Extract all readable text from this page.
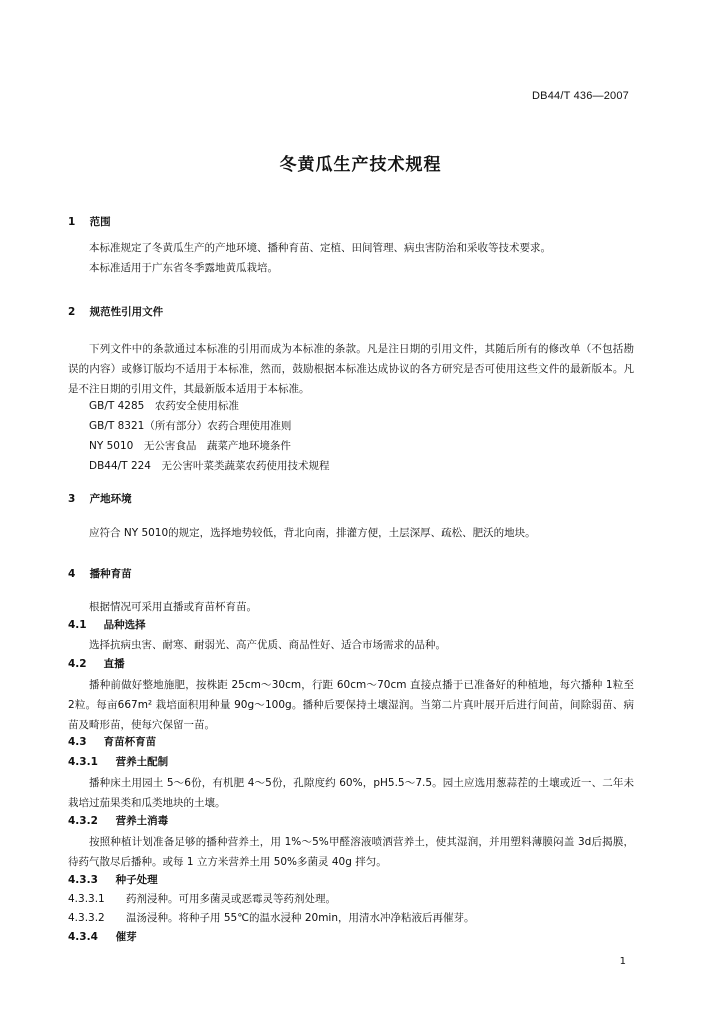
DB44/T 436—2007
冬黄瓜生产技术规程
1 范围
本标准规定了冬黄瓜生产的产地环境、播种育苗、定植、田间管理、病虫害防治和采收等技术要求。
本标准适用于广东省冬季露地黄瓜栽培。
2 规范性引用文件
下列文件中的条款通过本标准的引用而成为本标准的条款。凡是注日期的引用文件，其随后所有的修改单（不包括勘误的内容）或修订版均不适用于本标准，然而，鼓励根据本标准达成协议的各方研究是否可使用这些文件的最新版本。凡是不注日期的引用文件，其最新版本适用于本标准。
GB/T 4285　农药安全使用标准
GB/T 8321（所有部分）农药合理使用准则
NY 5010　无公害食品　蔬菜产地环境条件
DB44/T 224　无公害叶菜类蔬菜农药使用技术规程
3 产地环境
应符合 NY 5010的规定，选择地势较低，背北向南，排灌方便，土层深厚、疏松、肥沃的地块。
4 播种育苗
根据情况可采用直播或育苗杯育苗。
4.1 品种选择
选择抗病虫害、耐寒、耐弱光、高产优质、商品性好、适合市场需求的品种。
4.2 直播
播种前做好整地施肥，按株距 25cm～30cm，行距 60cm～70cm 直接点播于已准备好的种植地，每穴播种 1粒至 2粒。每亩667m² 栽培面积用种量 90g～100g。播种后要保持土壤湿润。当第二片真叶展开后进行间苗，间除弱苗、病苗及畸形苗，使每穴保留一苗。
4.3 育苗杯育苗
4.3.1 营养土配制
播种床土用园土 5～6份，有机肥 4～5份，孔隙度约 60%，pH5.5～7.5。园土应选用葱蒜茬的土壤或近一、二年未栽培过茄果类和瓜类地块的土壤。
4.3.2 营养土消毒
按照种植计划准备足够的播种营养土，用 1%～5%甲醛溶液喷洒营养土，使其湿润，并用塑料薄膜闷盖 3d后揭膜，待药气散尽后播种。或每 1 立方米营养土用 50%多菌灵 40g 拌匀。
4.3.3 种子处理
4.3.3.1 药剂浸种。可用多菌灵或恶霉灵等药剂处理。
4.3.3.2 温汤浸种。将种子用 55℃的温水浸种 20min，用清水冲净粘液后再催芽。
4.3.4 催芽
1
